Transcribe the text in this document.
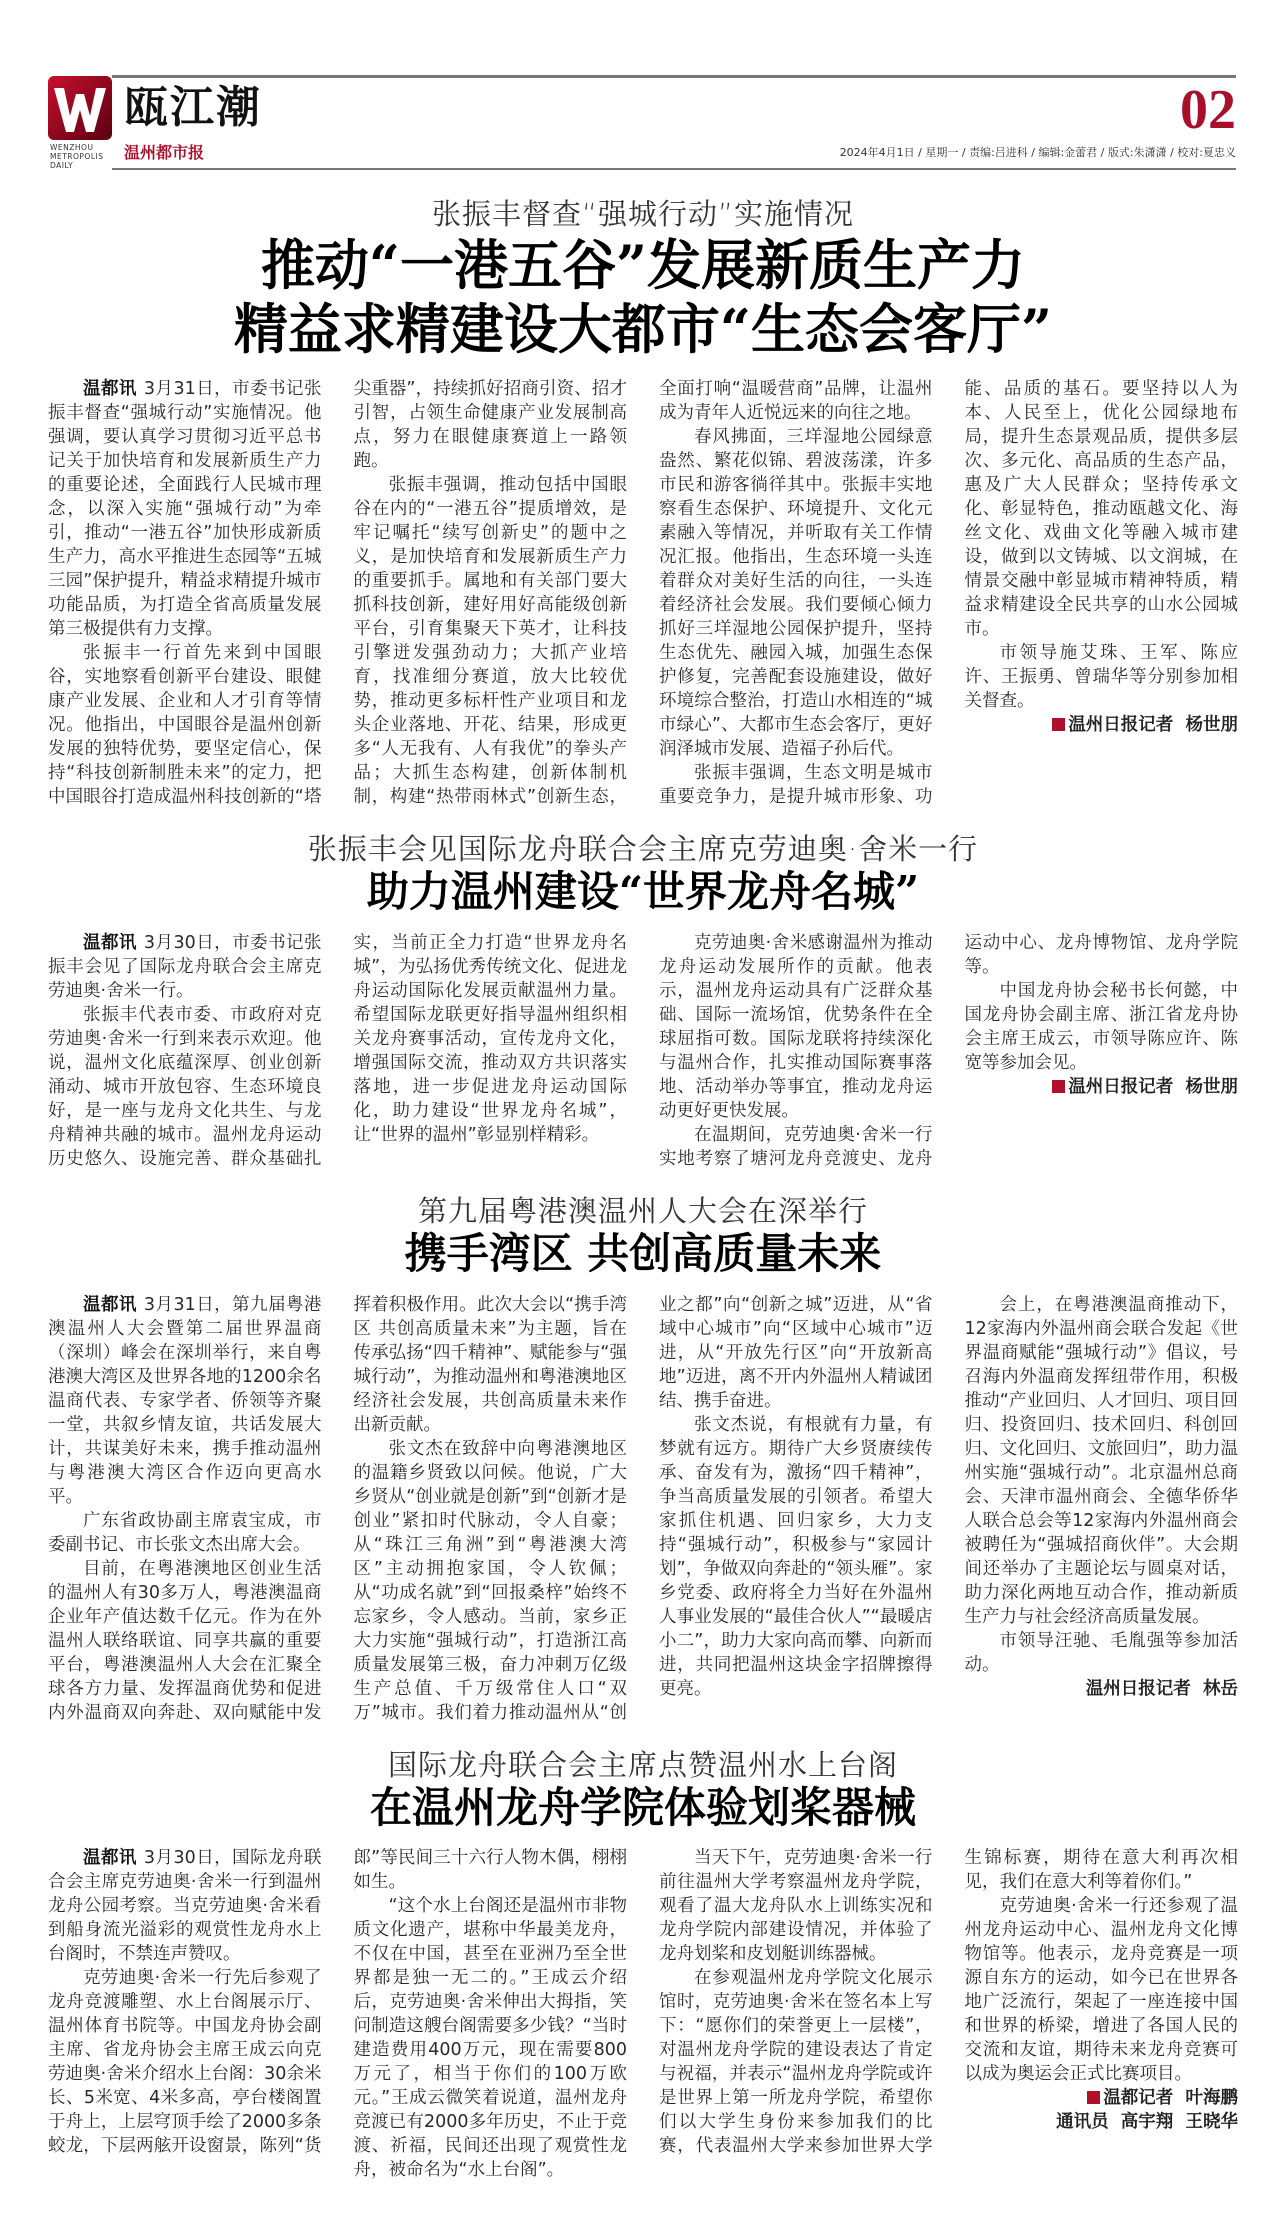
WENZHOU
METROPOLIS
DAILY
瓯江潮
温州都市报
02
2024年4月1日 / 星期一 / 责编:吕进科 / 编辑:金蕾君 / 版式:朱潇潇 / 校对:夏忠义
张振丰督查“强城行动”实施情况
推动“一港五谷”发展新质生产力
精益求精建设大都市“生态会客厅”

温都讯 3月31日，市委书记张振丰督查“强城行动”实施情况。他强调，要认真学习贯彻习近平总书记关于加快培育和发展新质生产力的重要论述，全面践行人民城市理念，以深入实施“强城行动”为牵引，推动“一港五谷”加快形成新质生产力，高水平推进生态园等“五城三园”保护提升，精益求精提升城市功能品质，为打造全省高质量发展第三极提供有力支撑。

张振丰一行首先来到中国眼谷，实地察看创新平台建设、眼健康产业发展、企业和人才引育等情况。他指出，中国眼谷是温州创新发展的独特优势，要坚定信心，保持“科技创新制胜未来”的定力，把中国眼谷打造成温州科技创新的“塔尖重器”，持续抓好招商引资、招才引智，占领生命健康产业发展制高点，努力在眼健康赛道上一路领跑。

张振丰强调，推动包括中国眼谷在内的“一港五谷”提质增效，是牢记嘱托“续写创新史”的题中之义，是加快培育和发展新质生产力的重要抓手。属地和有关部门要大抓科技创新，建好用好高能级创新平台，引育集聚天下英才，让科技引擎迸发强劲动力；大抓产业培育，找准细分赛道，放大比较优势，推动更多标杆性产业项目和龙头企业落地、开花、结果，形成更多“人无我有、人有我优”的拳头产品；大抓生态构建，创新体制机制，构建“热带雨林式”创新生态，全面打响“温暖营商”品牌，让温州成为青年人近悦远来的向往之地。

春风拂面，三垟湿地公园绿意盎然、繁花似锦、碧波荡漾，许多市民和游客徜徉其中。张振丰实地察看生态保护、环境提升、文化元素融入等情况，并听取有关工作情况汇报。他指出，生态环境一头连着群众对美好生活的向往，一头连着经济社会发展。我们要倾心倾力抓好三垟湿地公园保护提升，坚持生态优先、融园入城，加强生态保护修复，完善配套设施建设，做好环境综合整治，打造山水相连的“城市绿心”、大都市生态会客厅，更好润泽城市发展、造福子孙后代。

张振丰强调，生态文明是城市重要竞争力，是提升城市形象、功能、品质的基石。要坚持以人为本、人民至上，优化公园绿地布局，提升生态景观品质，提供多层次、多元化、高品质的生态产品，惠及广大人民群众；坚持传承文化、彰显特色，推动瓯越文化、海丝文化、戏曲文化等融入城市建设，做到以文铸城、以文润城，在情景交融中彰显城市精神特质，精益求精建设全民共享的山水公园城市。

市领导施艾珠、王军、陈应许、王振勇、曾瑞华等分别参加相关督查。

温州日报记者  杨世朋

张振丰会见国际龙舟联合会主席克劳迪奥·舍米一行
助力温州建设“世界龙舟名城”

温都讯 3月30日，市委书记张振丰会见了国际龙舟联合会主席克劳迪奥·舍米一行。

张振丰代表市委、市政府对克劳迪奥·舍米一行到来表示欢迎。他说，温州文化底蕴深厚、创业创新涌动、城市开放包容、生态环境良好，是一座与龙舟文化共生、与龙舟精神共融的城市。温州龙舟运动历史悠久、设施完善、群众基础扎实，当前正全力打造“世界龙舟名城”，为弘扬优秀传统文化、促进龙舟运动国际化发展贡献温州力量。希望国际龙联更好指导温州组织相关龙舟赛事活动，宣传龙舟文化，增强国际交流，推动双方共识落实落地，进一步促进龙舟运动国际化，助力建设“世界龙舟名城”，让“世界的温州”彰显别样精彩。

克劳迪奥·舍米感谢温州为推动龙舟运动发展所作的贡献。他表示，温州龙舟运动具有广泛群众基础、国际一流场馆，优势条件在全球屈指可数。国际龙联将持续深化与温州合作，扎实推动国际赛事落地、活动举办等事宜，推动龙舟运动更好更快发展。

在温期间，克劳迪奥·舍米一行实地考察了塘河龙舟竞渡史、龙舟运动中心、龙舟博物馆、龙舟学院等。

中国龙舟协会秘书长何懿，中国龙舟协会副主席、浙江省龙舟协会主席王成云，市领导陈应许、陈宽等参加会见。

温州日报记者  杨世朋

第九届粤港澳温州人大会在深举行
携手湾区 共创高质量未来

温都讯 3月31日，第九届粤港澳温州人大会暨第二届世界温商（深圳）峰会在深圳举行，来自粤港澳大湾区及世界各地的1200余名温商代表、专家学者、侨领等齐聚一堂，共叙乡情友谊，共话发展大计，共谋美好未来，携手推动温州与粤港澳大湾区合作迈向更高水平。

广东省政协副主席袁宝成，市委副书记、市长张文杰出席大会。

目前，在粤港澳地区创业生活的温州人有30多万人，粤港澳温商企业年产值达数千亿元。作为在外温州人联络联谊、同享共赢的重要平台，粤港澳温州人大会在汇聚全球各方力量、发挥温商优势和促进内外温商双向奔赴、双向赋能中发挥着积极作用。此次大会以“携手湾区 共创高质量未来”为主题，旨在传承弘扬“四千精神”、赋能参与“强城行动”，为推动温州和粤港澳地区经济社会发展，共创高质量未来作出新贡献。

张文杰在致辞中向粤港澳地区的温籍乡贤致以问候。他说，广大乡贤从“创业就是创新”到“创新才是创业”紧扣时代脉动，令人自豪；从“珠江三角洲”到“粤港澳大湾区”主动拥抱家国，令人钦佩；从“功成名就”到“回报桑梓”始终不忘家乡，令人感动。当前，家乡正大力实施“强城行动”，打造浙江高质量发展第三极，奋力冲刺万亿级生产总值、千万级常住人口“双万”城市。我们着力推动温州从“创业之都”向“创新之城”迈进，从“省域中心城市”向“区域中心城市”迈进，从“开放先行区”向“开放新高地”迈进，离不开内外温州人精诚团结、携手奋进。

张文杰说，有根就有力量，有梦就有远方。期待广大乡贤赓续传承、奋发有为，激扬“四千精神”，争当高质量发展的引领者。希望大家抓住机遇、回归家乡，大力支持“强城行动”，积极参与“家园计划”，争做双向奔赴的“领头雁”。家乡党委、政府将全力当好在外温州人事业发展的“最佳合伙人”“最暖店小二”，助力大家向高而攀、向新而进，共同把温州这块金字招牌擦得更亮。

会上，在粤港澳温商推动下，12家海内外温州商会联合发起《世界温商赋能“强城行动”》倡议，号召海内外温商发挥纽带作用，积极推动“产业回归、人才回归、项目回归、投资回归、技术回归、科创回归、文化回归、文旅回归”，助力温州实施“强城行动”。北京温州总商会、天津市温州商会、全德华侨华人联合总会等12家海内外温州商会被聘任为“强城招商伙伴”。大会期间还举办了主题论坛与圆桌对话，助力深化两地互动合作，推动新质生产力与社会经济高质量发展。

市领导汪驰、毛胤强等参加活动。

温州日报记者  林岳

国际龙舟联合会主席点赞温州水上台阁
在温州龙舟学院体验划桨器械

温都讯 3月30日，国际龙舟联合会主席克劳迪奥·舍米一行到温州龙舟公园考察。当克劳迪奥·舍米看到船身流光溢彩的观赏性龙舟水上台阁时，不禁连声赞叹。

克劳迪奥·舍米一行先后参观了龙舟竞渡雕塑、水上台阁展示厅、温州体育书院等。中国龙舟协会副主席、省龙舟协会主席王成云向克劳迪奥·舍米介绍水上台阁：30余米长、5米宽、4米多高，亭台楼阁置于舟上，上层穹顶手绘了2000多条蛟龙，下层两舷开设窗景，陈列“货郎”等民间三十六行人物木偶，栩栩如生。

“这个水上台阁还是温州市非物质文化遗产，堪称中华最美龙舟，不仅在中国，甚至在亚洲乃至全世界都是独一无二的。”王成云介绍后，克劳迪奥·舍米伸出大拇指，笑问制造这艘台阁需要多少钱？“当时建造费用400万元，现在需要800万元了，相当于你们的100万欧元。”王成云微笑着说道，温州龙舟竞渡已有2000多年历史，不止于竞渡、祈福，民间还出现了观赏性龙舟，被命名为“水上台阁”。

当天下午，克劳迪奥·舍米一行前往温州大学考察温州龙舟学院，观看了温大龙舟队水上训练实况和龙舟学院内部建设情况，并体验了龙舟划桨和皮划艇训练器械。

在参观温州龙舟学院文化展示馆时，克劳迪奥·舍米在签名本上写下：“愿你们的荣誉更上一层楼”，对温州龙舟学院的建设表达了肯定与祝福，并表示“温州龙舟学院或许是世界上第一所龙舟学院，希望你们以大学生身份来参加我们的比赛，代表温州大学来参加世界大学生锦标赛，期待在意大利再次相见，我们在意大利等着你们。”

克劳迪奥·舍米一行还参观了温州龙舟运动中心、温州龙舟文化博物馆等。他表示，龙舟竞赛是一项源自东方的运动，如今已在世界各地广泛流行，架起了一座连接中国和世界的桥梁，增进了各国人民的交流和友谊，期待未来龙舟竞赛可以成为奥运会正式比赛项目。

温都记者  叶海鹏

通讯员  高宇翔  王晓华
